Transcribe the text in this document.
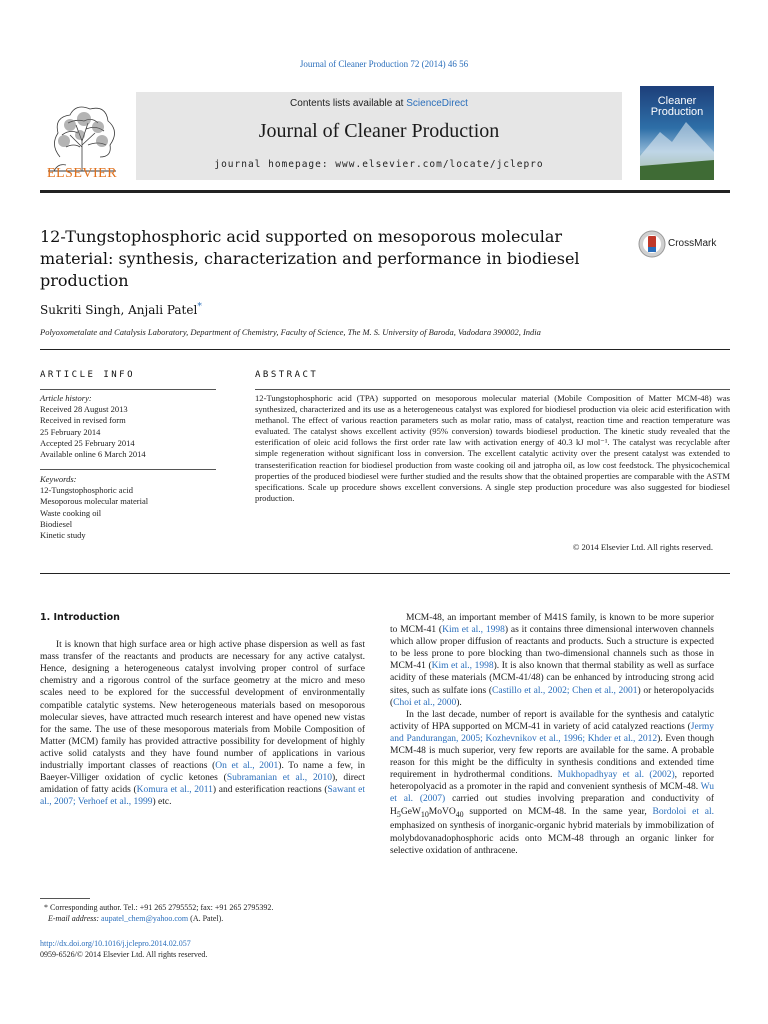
Journal of Cleaner Production 72 (2014) 46 56
ELSEVIER
Contents lists available at ScienceDirect
Journal of Cleaner Production
journal homepage: www.elsevier.com/locate/jclepro
Cleaner
Production
12-Tungstophosphoric acid supported on mesoporous molecular material: synthesis, characterization and performance in biodiesel production
CrossMark
Sukriti Singh, Anjali Patel*
Polyoxometalate and Catalysis Laboratory, Department of Chemistry, Faculty of Science, The M. S. University of Baroda, Vadodara 390002, India
ARTICLE INFO	ABSTRACT
Article history:
Received 28 August 2013
Received in revised form
25 February 2014
Accepted 25 February 2014
Available online 6 March 2014
Keywords:
12-Tungstophosphoric acid
Mesoporous molecular material
Waste cooking oil
Biodiesel
Kinetic study
12-Tungstophosphoric acid (TPA) supported on mesoporous molecular material (Mobile Composition of Matter MCM-48) was synthesized, characterized and its use as a heterogeneous catalyst was explored for biodiesel production via oleic acid esterification with methanol. The effect of various reaction parameters such as molar ratio, mass of catalyst, reaction time and reaction temperature was evaluated. The catalyst shows excellent activity (95% conversion) towards biodiesel production. The kinetic study revealed that the esterification of oleic acid follows the first order rate law with activation energy of 40.3 kJ mol⁻¹. The catalyst was recyclable after simple regeneration without significant loss in conversion. The excellent catalytic activity over the present catalyst was extended to transesterification reaction for biodiesel production from waste cooking oil and jatropha oil, as low cost feedstock. The physicochemical properties of the produced biodiesel were further studied and the results show that the obtained properties are comparable with the ASTM specifications. Scale up procedure shows excellent conversions. A single step production procedure was also suggested for biodiesel production.
© 2014 Elsevier Ltd. All rights reserved.
1. Introduction

It is known that high surface area or high active phase dispersion as well as fast mass transfer of the reactants and products are necessary for any active catalyst. Hence, designing a heterogeneous catalyst involving proper control of surface chemistry and a rigorous control of the surface geometry at the micro and meso scales need to be explored for the successful development of environmentally compatible catalytic systems. New heterogeneous materials based on mesoporous molecular sieves, have attracted much research interest and have opened new vistas for the same. The use of these mesoporous materials from Mobile Composition of Matter (MCM) family has provided attractive possibility for development of highly active solid catalysts and they have found number of applications in various industrially important classes of reactions (On et al., 2001). To name a few, in Baeyer-Villiger oxidation of cyclic ketones (Subramanian et al., 2010), direct amidation of fatty acids (Komura et al., 2011) and esterification reactions (Sawant et al., 2007; Verhoef et al., 1999) etc.

MCM-48, an important member of M41S family, is known to be more superior to MCM-41 (Kim et al., 1998) as it contains three dimensional interwoven channels which allow proper diffusion of reactants and products. Such a structure is expected to be less prone to pore blocking than two-dimensional channels such as those in MCM-41 (Kim et al., 1998). It is also known that thermal stability as well as surface acidity of these materials (MCM-41/48) can be enhanced by introducing strong acid sites, such as sulfate ions (Castillo et al., 2002; Chen et al., 2001) or heteropolyacids (Choi et al., 2000).

In the last decade, number of report is available for the synthesis and catalytic activity of HPA supported on MCM-41 in variety of acid catalyzed reactions (Jermy and Pandurangan, 2005; Kozhevnikov et al., 1996; Khder et al., 2012). Even though MCM-48 is much superior, very few reports are available for the same. A probable reason for this might be the difficulty in synthesis conditions and extended time requirement in hydrothermal conditions. Mukhopadhyay et al. (2002), reported heteropolyacid as a promoter in the rapid and convenient synthesis of MCM-48. Wu et al. (2007) carried out studies involving preparation and conductivity of $H_5GeW_{10}MoVO_{40}$ supported on MCM-48. In the same year, Bordoloi et al. emphasized on synthesis of inorganic-organic hybrid materials by immobilization of molybdovanadophosphoric acids onto MCM-48 through an organic linker for selective oxidation of anthracene.

* Corresponding author. Tel.: +91 265 2795552; fax: +91 265 2795392.
E-mail address: aupatel_chem@yahoo.com (A. Patel).
http://dx.doi.org/10.1016/j.jclepro.2014.02.057
0959-6526/© 2014 Elsevier Ltd. All rights reserved.
